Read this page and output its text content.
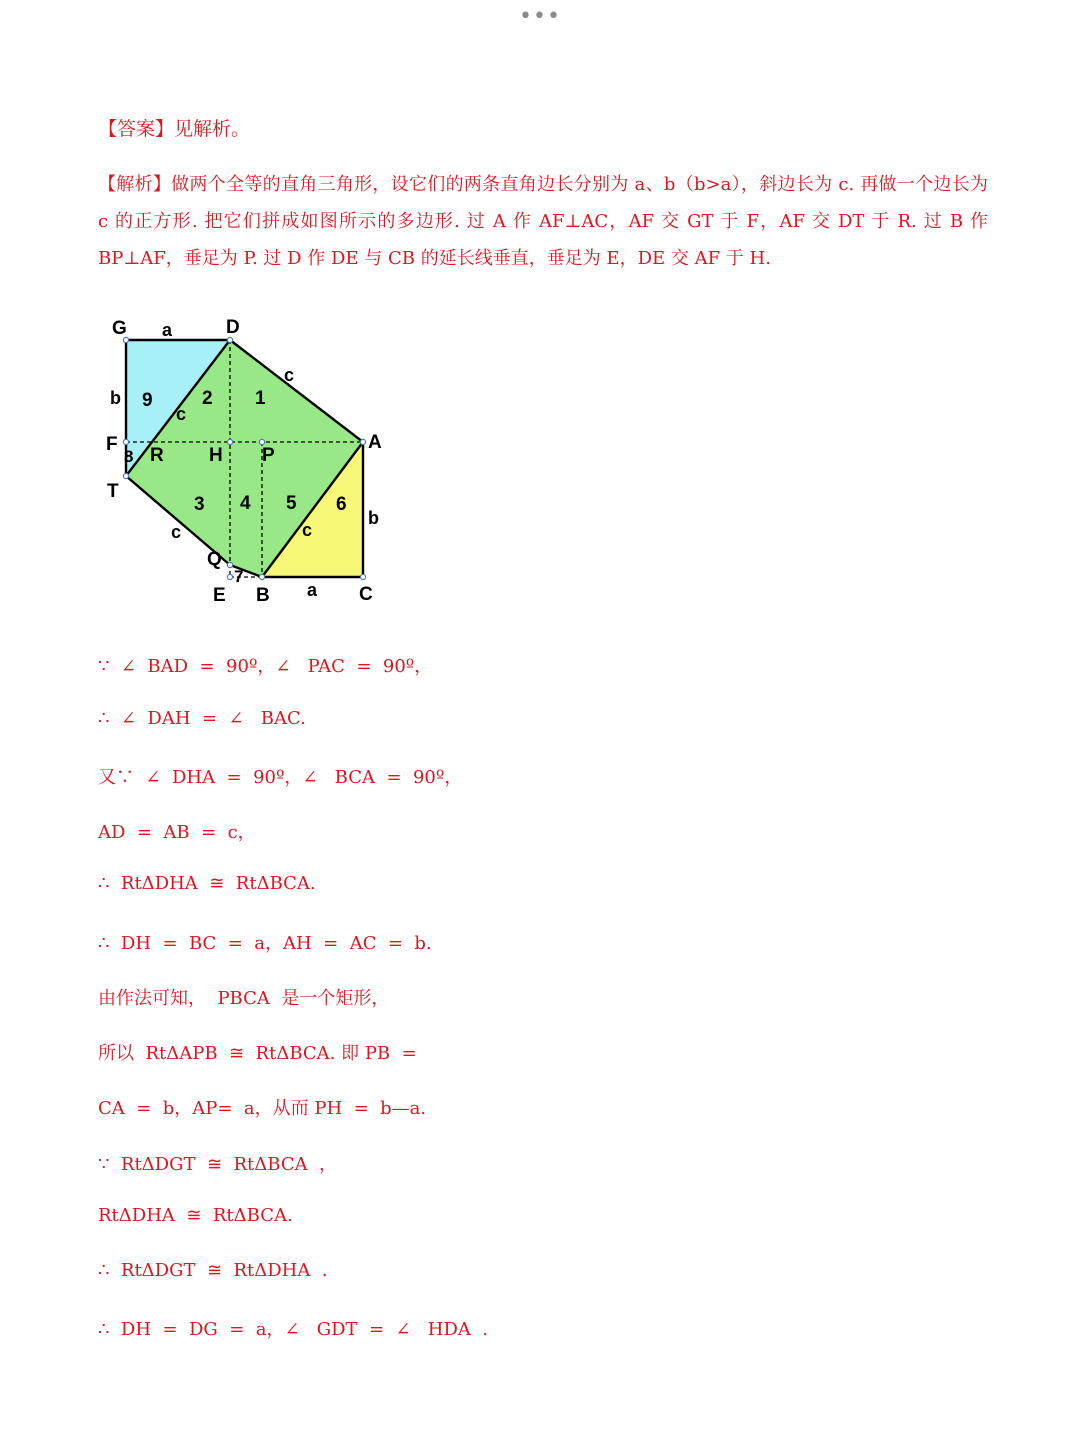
•••
【答案】见解析。
【解析】做两个全等的直角三角形，设它们的两条直角边长分别为 a、b（b>a），斜边长为 c. 再做一个边长为 c 的正方形. 把它们拼成如图所示的多边形. 过 A 作 AF⊥AC，AF 交 GT 于 F，AF 交 DT 于 R. 过 B 作 BP⊥AF，垂足为 P. 过 D 作 DE 与 CB 的延长线垂直，垂足为 E，DE 交 AF 于 H.
G	D
A
F
R H P
T
Q
E B	C
a
b
c
c
c	c
b
a
1
2
3 4 5 6
7
8
9
∵  ∠  BAD  =  90º，∠   PAC  =  90º，
∴  ∠  DAH  =  ∠   BAC.
又∵  ∠  DHA  =  90º，∠   BCA  =  90º，
AD  =  AB  =  c，
∴  RtΔDHA  ≅  RtΔBCA.
∴  DH  =  BC  =  a，AH  =  AC  =  b.
由作法可知，  PBCA  是一个矩形，
所以  RtΔAPB  ≅  RtΔBCA. 即 PB  =
CA  =  b，AP=  a，从而 PH  =  b—a.
∵  RtΔDGT  ≅  RtΔBCA  ，
RtΔDHA  ≅  RtΔBCA.
∴  RtΔDGT  ≅  RtΔDHA  .
∴  DH  =  DG  =  a，∠   GDT  =  ∠   HDA  .
